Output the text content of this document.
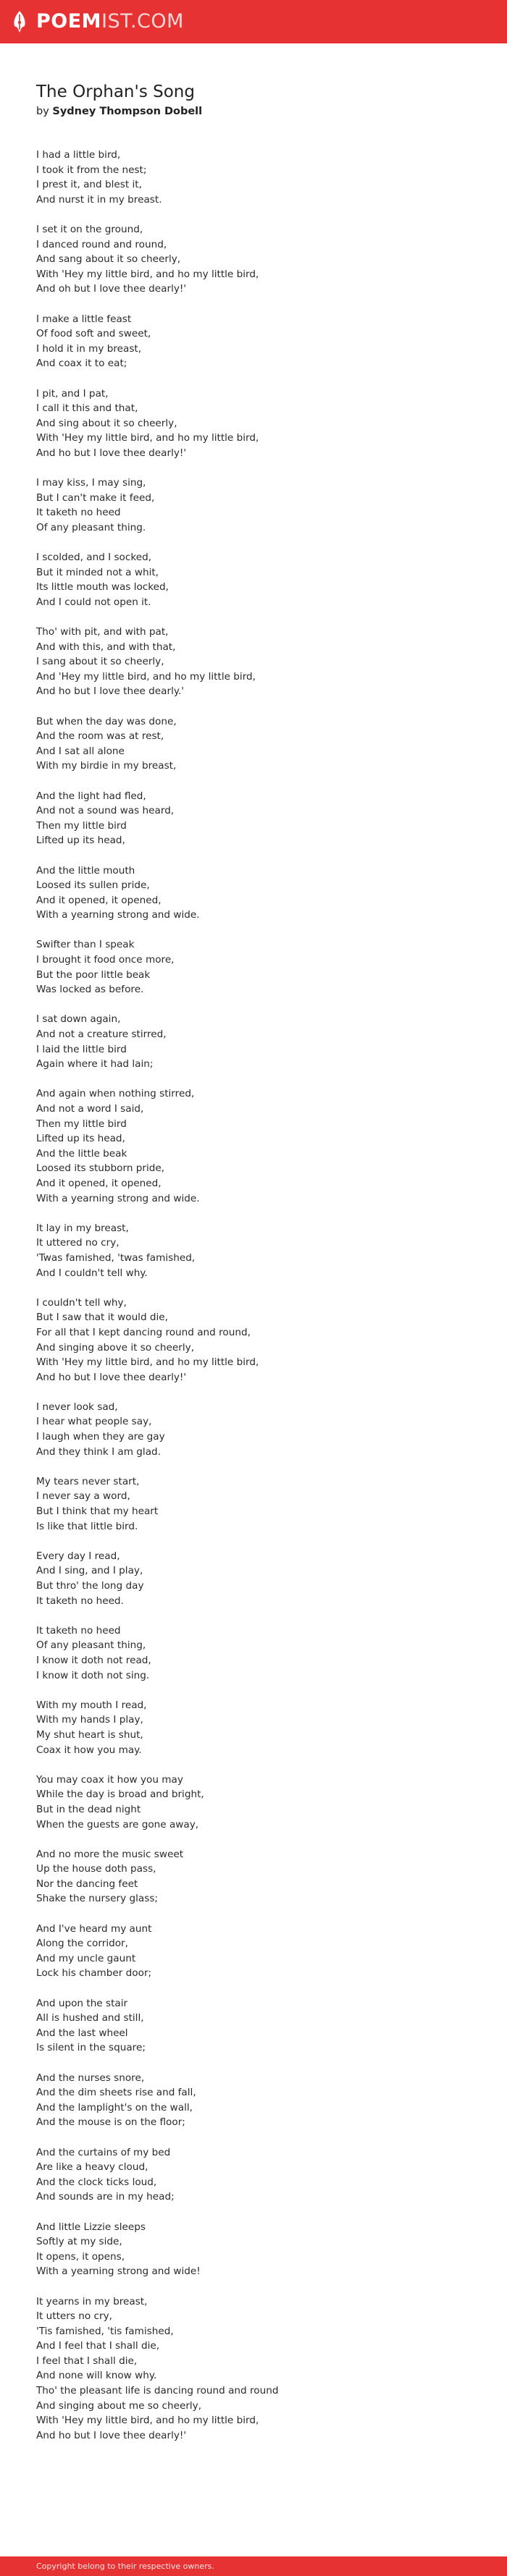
POEMIST.COM
The Orphan's Song
by Sydney Thompson Dobell
I had a little bird,
I took it from the nest;
I prest it, and blest it,
And nurst it in my breast.
I set it on the ground,
I danced round and round,
And sang about it so cheerly,
With 'Hey my little bird, and ho my little bird,
And oh but I love thee dearly!'
I make a little feast
Of food soft and sweet,
I hold it in my breast,
And coax it to eat;
I pit, and I pat,
I call it this and that,
And sing about it so cheerly,
With 'Hey my little bird, and ho my little bird,
And ho but I love thee dearly!'
I may kiss, I may sing,
But I can't make it feed,
It taketh no heed
Of any pleasant thing.
I scolded, and I socked,
But it minded not a whit,
Its little mouth was locked,
And I could not open it.
Tho' with pit, and with pat,
And with this, and with that,
I sang about it so cheerly,
And 'Hey my little bird, and ho my little bird,
And ho but I love thee dearly.'
But when the day was done,
And the room was at rest,
And I sat all alone
With my birdie in my breast,
And the light had fled,
And not a sound was heard,
Then my little bird
Lifted up its head,
And the little mouth
Loosed its sullen pride,
And it opened, it opened,
With a yearning strong and wide.
Swifter than I speak
I brought it food once more,
But the poor little beak
Was locked as before.
I sat down again,
And not a creature stirred,
I laid the little bird
Again where it had lain;
And again when nothing stirred,
And not a word I said,
Then my little bird
Lifted up its head,
And the little beak
Loosed its stubborn pride,
And it opened, it opened,
With a yearning strong and wide.
It lay in my breast,
It uttered no cry,
'Twas famished, 'twas famished,
And I couldn't tell why.
I couldn't tell why,
But I saw that it would die,
For all that I kept dancing round and round,
And singing above it so cheerly,
With 'Hey my little bird, and ho my little bird,
And ho but I love thee dearly!'
I never look sad,
I hear what people say,
I laugh when they are gay
And they think I am glad.
My tears never start,
I never say a word,
But I think that my heart
Is like that little bird.
Every day I read,
And I sing, and I play,
But thro' the long day
It taketh no heed.
It taketh no heed
Of any pleasant thing,
I know it doth not read,
I know it doth not sing.
With my mouth I read,
With my hands I play,
My shut heart is shut,
Coax it how you may.
You may coax it how you may
While the day is broad and bright,
But in the dead night
When the guests are gone away,
And no more the music sweet
Up the house doth pass,
Nor the dancing feet
Shake the nursery glass;
And I've heard my aunt
Along the corridor,
And my uncle gaunt
Lock his chamber door;
And upon the stair
All is hushed and still,
And the last wheel
Is silent in the square;
And the nurses snore,
And the dim sheets rise and fall,
And the lamplight's on the wall,
And the mouse is on the floor;
And the curtains of my bed
Are like a heavy cloud,
And the clock ticks loud,
And sounds are in my head;
And little Lizzie sleeps
Softly at my side,
It opens, it opens,
With a yearning strong and wide!
It yearns in my breast,
It utters no cry,
'Tis famished, 'tis famished,
And I feel that I shall die,
I feel that I shall die,
And none will know why.
Tho' the pleasant life is dancing round and round
And singing about me so cheerly,
With 'Hey my little bird, and ho my little bird,
And ho but I love thee dearly!'
Copyright belong to their respective owners.
